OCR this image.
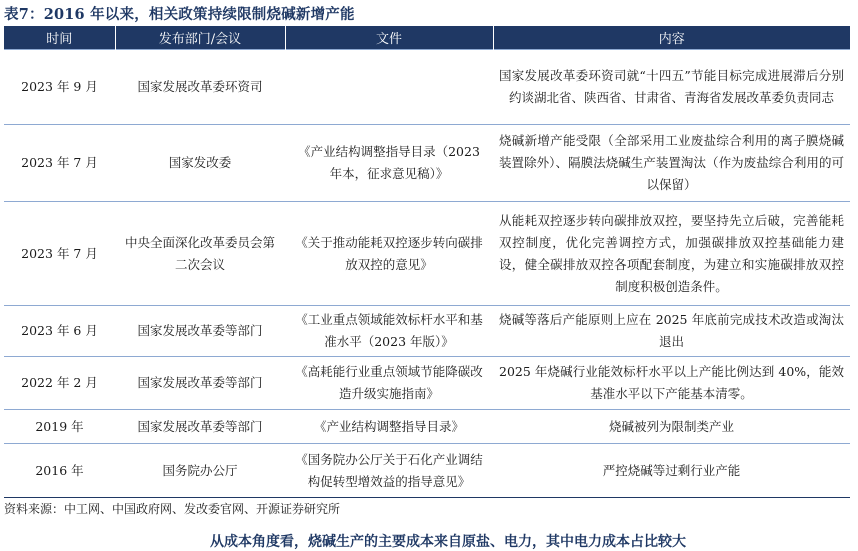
表7：2016 年以来，相关政策持续限制烧碱新增产能
时间	发布部门/会议	文件	内容
2023 年 9 月	国家发展改革委环资司		国家发展改革委环资司就“十四五”节能目标完成进展滞后分别约谈湖北省、陕西省、甘肃省、青海省发展改革委负责同志
2023 年 7 月	国家发改委	《产业结构调整指导目录（2023 年本，征求意见稿）》	烧碱新增产能受限（全部采用工业废盐综合利用的离子膜烧碱装置除外）、隔膜法烧碱生产装置淘汰（作为废盐综合利用的可以保留）
2023 年 7 月	中央全面深化改革委员会第二次会议	《关于推动能耗双控逐步转向碳排放双控的意见》	从能耗双控逐步转向碳排放双控，要坚持先立后破，完善能耗双控制度，优化完善调控方式，加强碳排放双控基础能力建设，健全碳排放双控各项配套制度，为建立和实施碳排放双控制度积极创造条件。
2023 年 6 月	国家发展改革委等部门	《工业重点领域能效标杆水平和基准水平（2023 年版）》	烧碱等落后产能原则上应在 2025 年底前完成技术改造或淘汰退出
2022 年 2 月	国家发展改革委等部门	《高耗能行业重点领域节能降碳改造升级实施指南》	2025 年烧碱行业能效标杆水平以上产能比例达到 40%，能效基准水平以下产能基本清零。
2019 年	国家发展改革委等部门	《产业结构调整指导目录》	烧碱被列为限制类产业
2016 年	国务院办公厅	《国务院办公厅关于石化产业调结构促转型增效益的指导意见》	严控烧碱等过剩行业产能
资料来源：中工网、中国政府网、发改委官网、开源证券研究所
从成本角度看，烧碱生产的主要成本来自原盐、电力，其中电力成本占比较大
